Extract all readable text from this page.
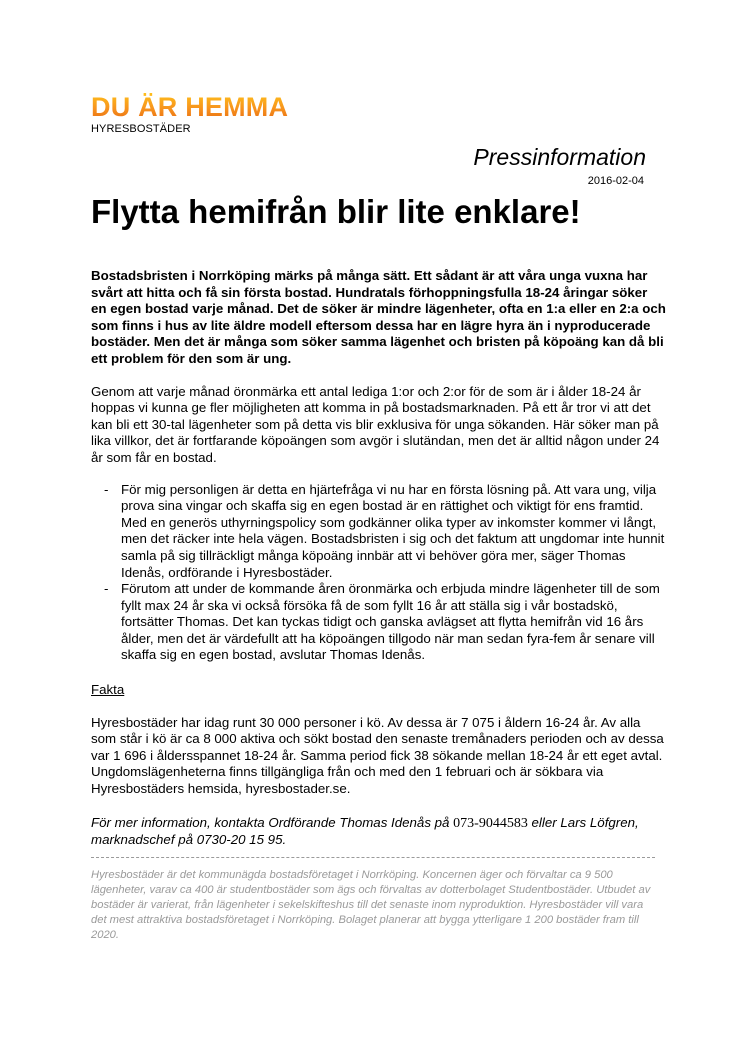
DU ÄR HEMMA
HYRESBOSTÄDER
Pressinformation
2016-02-04
Flytta hemifrån blir lite enklare!

Bostadsbristen i Norrköping märks på många sätt. Ett sådant är att våra unga vuxna har svårt att hitta och få sin första bostad. Hundratals förhoppningsfulla 18-24 åringar söker en egen bostad varje månad. Det de söker är mindre lägenheter, ofta en 1:a eller en 2:a och som finns i hus av lite äldre modell eftersom dessa har en lägre hyra än i nyproducerade bostäder. Men det är många som söker samma lägenhet och bristen på köpoäng kan då bli ett problem för den som är ung.

Genom att varje månad öronmärka ett antal lediga 1:or och 2:or för de som är i ålder 18-24 år hoppas vi kunna ge fler möjligheten att komma in på bostadsmarknaden. På ett år tror vi att det kan bli ett 30-tal lägenheter som på detta vis blir exklusiva för unga sökanden. Här söker man på lika villkor, det är fortfarande köpoängen som avgör i slutändan, men det är alltid någon under 24 år som får en bostad.

- För mig personligen är detta en hjärtefråga vi nu har en första lösning på. Att vara ung, vilja prova sina vingar och skaffa sig en egen bostad är en rättighet och viktigt för ens framtid. Med en generös uthyrningspolicy som godkänner olika typer av inkomster kommer vi långt, men det räcker inte hela vägen. Bostadsbristen i sig och det faktum att ungdomar inte hunnit samla på sig tillräckligt många köpoäng innbär att vi behöver göra mer, säger Thomas Idenås, ordförande i Hyresbostäder.
- Förutom att under de kommande åren öronmärka och erbjuda mindre lägenheter till de som fyllt max 24 år ska vi också försöka få de som fyllt 16 år att ställa sig i vår bostadskö, fortsätter Thomas. Det kan tyckas tidigt och ganska avlägset att flytta hemifrån vid 16 års ålder, men det är värdefullt att ha köpoängen tillgodo när man sedan fyra-fem år senare vill skaffa sig en egen bostad, avslutar Thomas Idenås.

Fakta

Hyresbostäder har idag runt 30 000 personer i kö. Av dessa är 7 075 i åldern 16-24 år. Av alla som står i kö är ca 8 000 aktiva och sökt bostad den senaste tremånaders perioden och av dessa var 1 696 i åldersspannet 18-24 år. Samma period fick 38 sökande mellan 18-24 år ett eget avtal. Ungdomslägenheterna finns tillgängliga från och med den 1 februari och är sökbara via Hyresbostäders hemsida, hyresbostader.se.

För mer information, kontakta Ordförande Thomas Idenås på 073-9044583 eller Lars Löfgren, marknadschef på 0730-20 15 95.

Hyresbostäder är det kommunägda bostadsföretaget i Norrköping. Koncernen äger och förvaltar ca 9 500 lägenheter, varav ca 400 är studentbostäder som ägs och förvaltas av dotterbolaget Studentbostäder. Utbudet av bostäder är varierat, från lägenheter i sekelskifteshus till det senaste inom nyproduktion. Hyresbostäder vill vara det mest attraktiva bostadsföretaget i Norrköping. Bolaget planerar att bygga ytterligare 1 200 bostäder fram till 2020.
